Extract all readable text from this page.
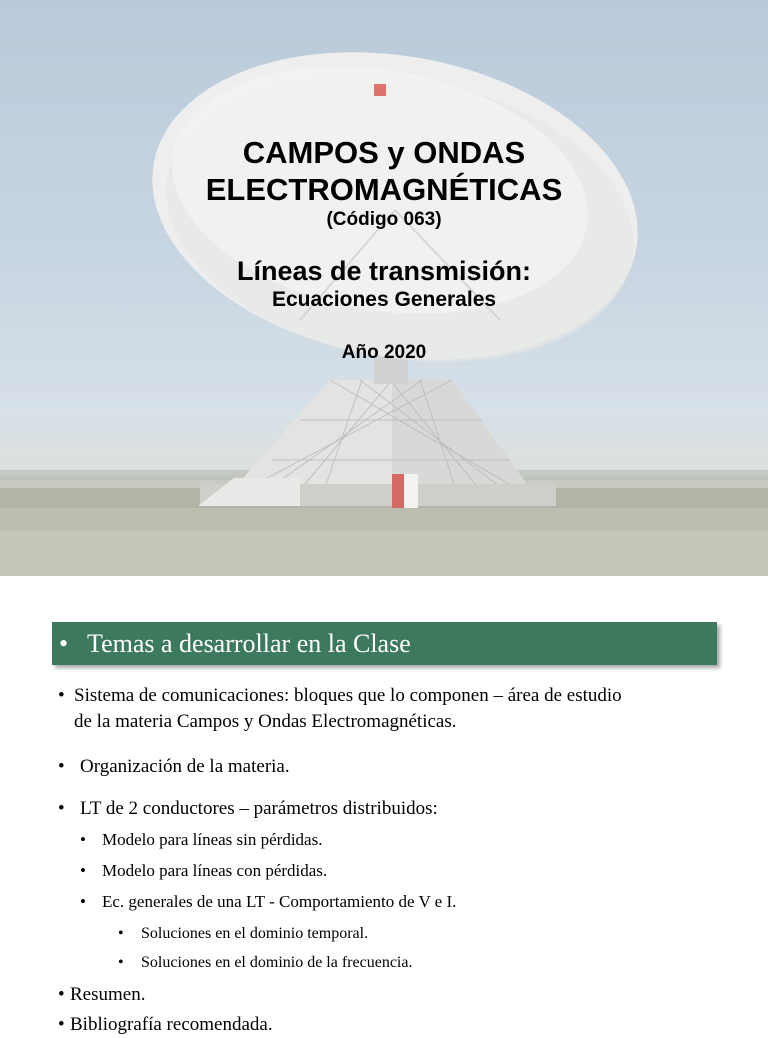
CAMPOS y ONDAS
ELECTROMAGNÉTICAS
(Código 063)
Líneas de transmisión:
Ecuaciones Generales
Año 2020
• Temas a desarrollar en la Clase
• Sistema de comunicaciones: bloques que lo componen – área de estudio
de la materia Campos y Ondas Electromagnéticas.
• Organización de la materia.
• LT de 2 conductores – parámetros distribuidos:
• Modelo para líneas sin pérdidas.
• Modelo para líneas con pérdidas.
• Ec. generales de una LT - Comportamiento de V e I.
• Soluciones en el dominio temporal.
• Soluciones en el dominio de la frecuencia.
• Resumen.
• Bibliografía recomendada.
